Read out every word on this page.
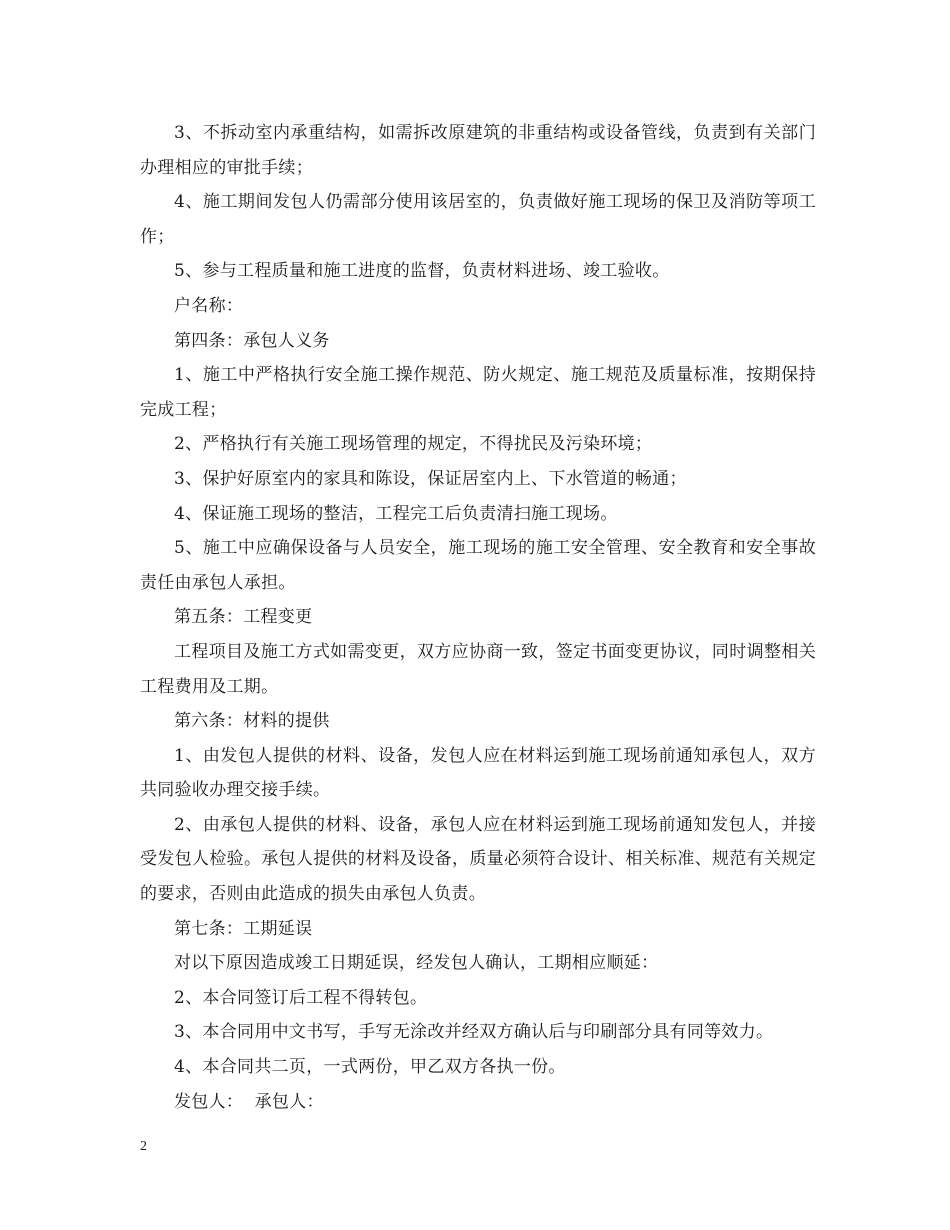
3、不拆动室内承重结构，如需拆改原建筑的非重结构或设备管线，负责到有关部门办理相应的审批手续；

4、施工期间发包人仍需部分使用该居室的，负责做好施工现场的保卫及消防等项工作；

5、参与工程质量和施工进度的监督，负责材料进场、竣工验收。

户名称：

第四条：承包人义务

1、施工中严格执行安全施工操作规范、防火规定、施工规范及质量标准，按期保持完成工程；

2、严格执行有关施工现场管理的规定，不得扰民及污染环境；

3、保护好原室内的家具和陈设，保证居室内上、下水管道的畅通；

4、保证施工现场的整洁，工程完工后负责清扫施工现场。

5、施工中应确保设备与人员安全，施工现场的施工安全管理、安全教育和安全事故责任由承包人承担。

第五条：工程变更

工程项目及施工方式如需变更，双方应协商一致，签定书面变更协议，同时调整相关工程费用及工期。

第六条：材料的提供

1、由发包人提供的材料、设备，发包人应在材料运到施工现场前通知承包人，双方共同验收办理交接手续。

2、由承包人提供的材料、设备，承包人应在材料运到施工现场前通知发包人，并接受发包人检验。承包人提供的材料及设备，质量必须符合设计、相关标准、规范有关规定的要求，否则由此造成的损失由承包人负责。

第七条：工期延误

对以下原因造成竣工日期延误，经发包人确认，工期相应顺延：

2、本合同签订后工程不得转包。

3、本合同用中文书写，手写无涂改并经双方确认后与印刷部分具有同等效力。

4、本合同共二页，一式两份，甲乙双方各执一份。

发包人：  承包人：

2
